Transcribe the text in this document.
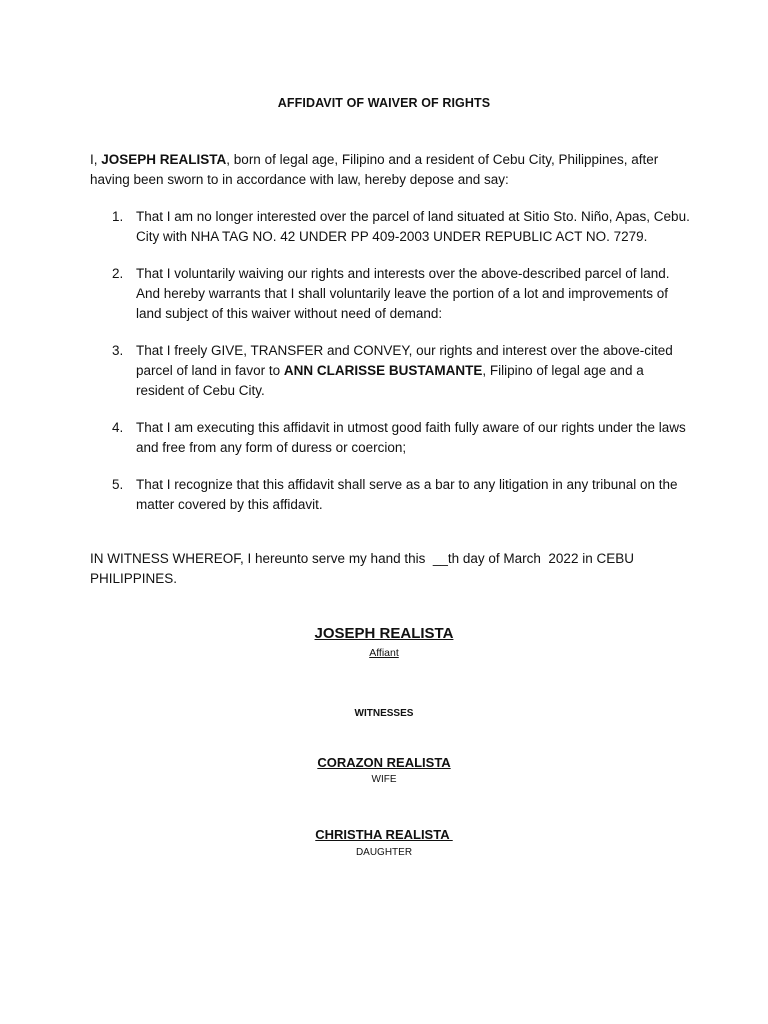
AFFIDAVIT OF WAIVER OF RIGHTS

I, JOSEPH REALISTA, born of legal age, Filipino and a resident of Cebu City, Philippines, after having been sworn to in accordance with law, hereby depose and say:

1. That I am no longer interested over the parcel of land situated at Sitio Sto. Niño, Apas, Cebu. City with NHA TAG NO. 42 UNDER PP 409-2003 UNDER REPUBLIC ACT NO. 7279.
2. That I voluntarily waiving our rights and interests over the above-described parcel of land. And hereby warrants that I shall voluntarily leave the portion of a lot and improvements of land subject of this waiver without need of demand:
3. That I freely GIVE, TRANSFER and CONVEY, our rights and interest over the above-cited parcel of land in favor to ANN CLARISSE BUSTAMANTE, Filipino of legal age and a resident of Cebu City.
4. That I am executing this affidavit in utmost good faith fully aware of our rights under the laws and free from any form of duress or coercion;
5. That I recognize that this affidavit shall serve as a bar to any litigation in any tribunal on the matter covered by this affidavit.

IN WITNESS WHEREOF, I hereunto serve my hand this  __th day of March  2022 in CEBU PHILIPPINES.

JOSEPH REALISTA
Affiant
WITNESSES
CORAZON REALISTA
WIFE
CHRISTHA REALISTA
DAUGHTER
